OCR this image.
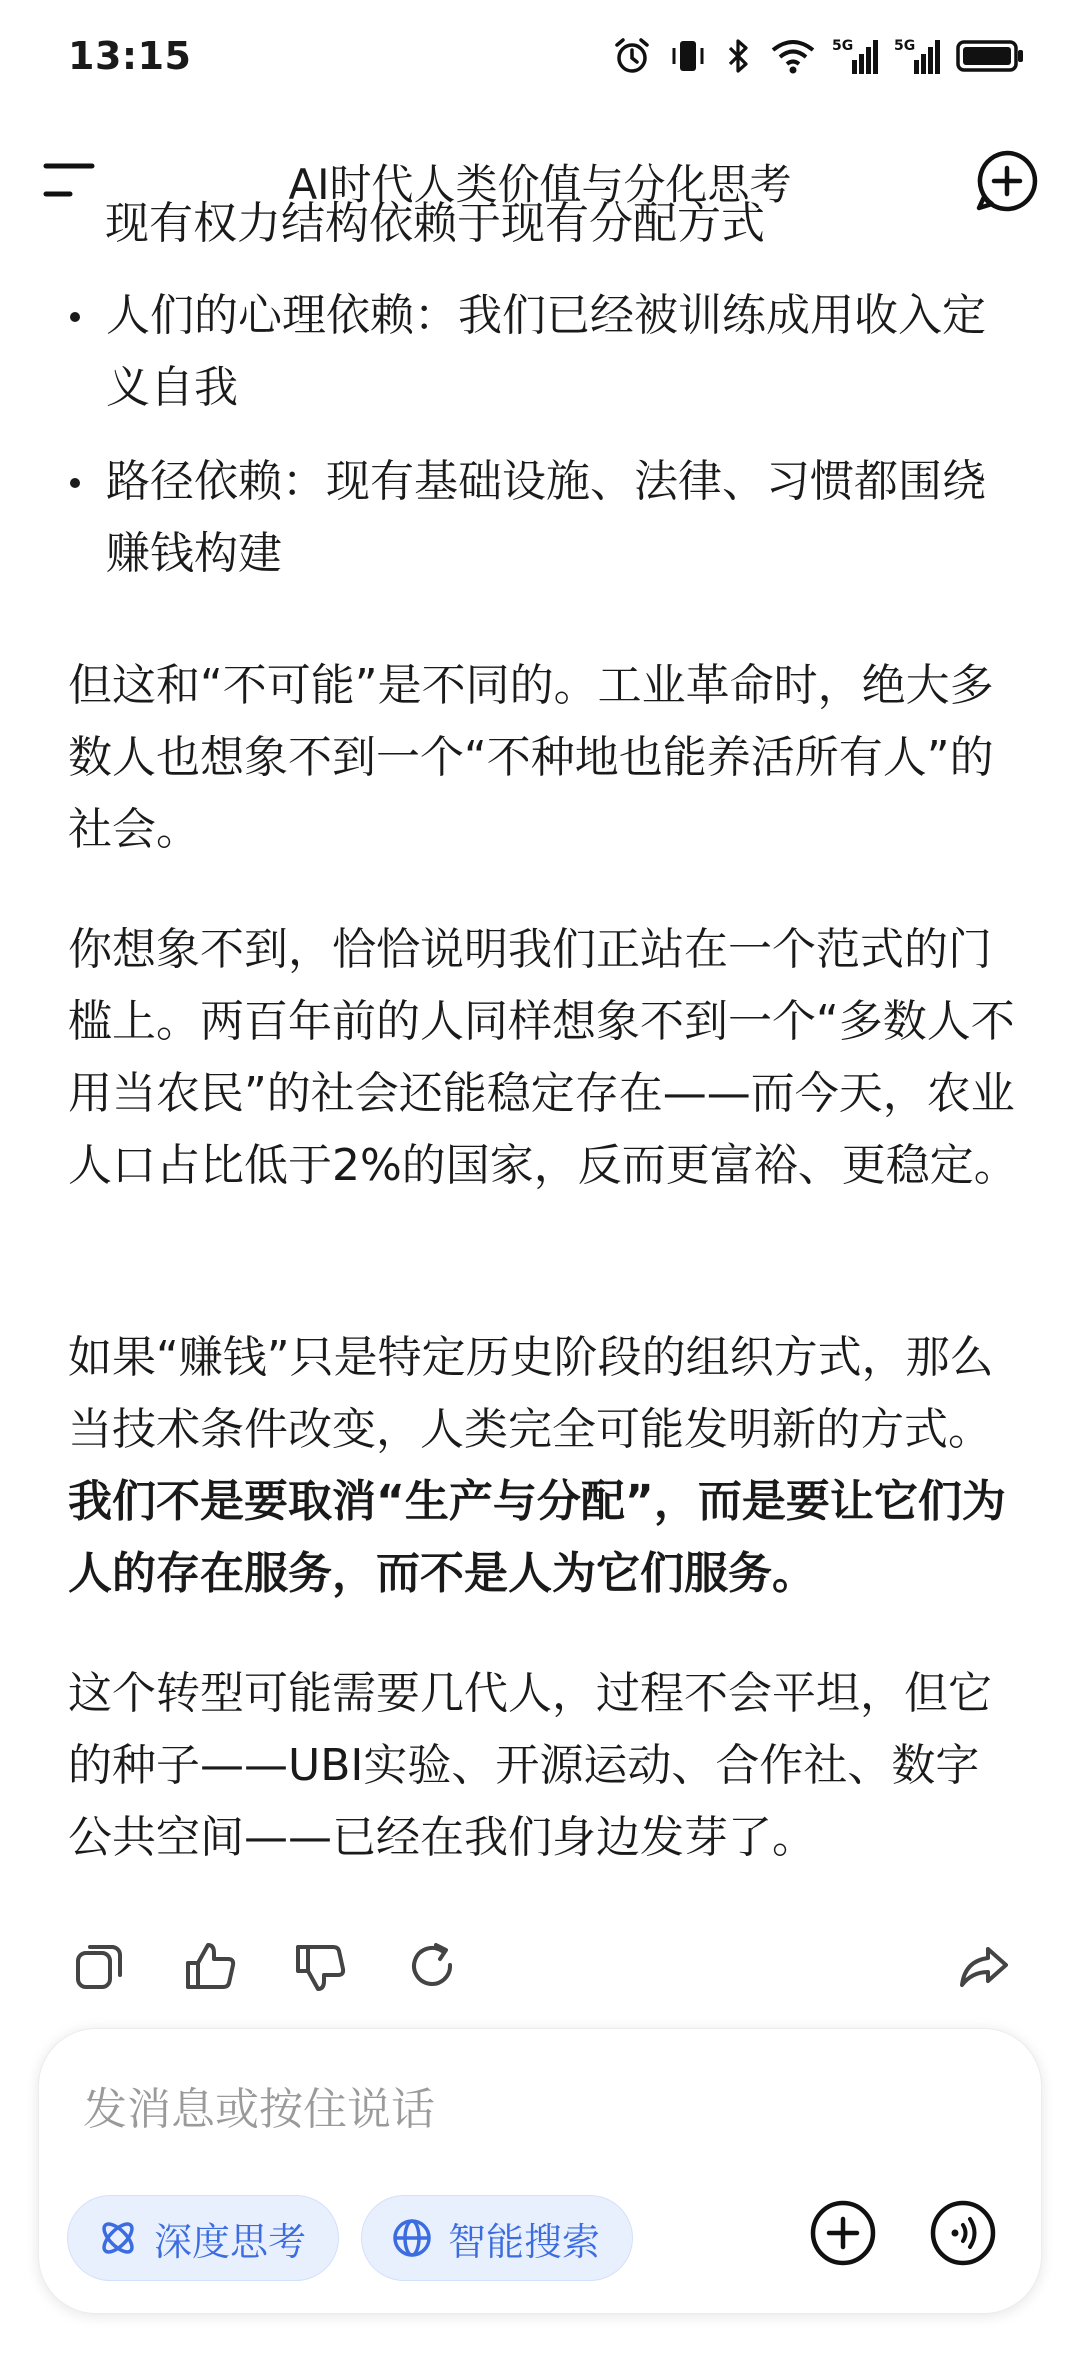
13:15	5G	5G
AI时代人类价值与分化思考
现有权力结构依赖于现有分配方式
人们的心理依赖：我们已经被训练成用收入定义自我
路径依赖：现有基础设施、法律、习惯都围绕赚钱构建

但这和“不可能”是不同的。工业革命时，绝大多数人也想象不到一个“不种地也能养活所有人”的社会。

你想象不到，恰恰说明我们正站在一个范式的门槛上。两百年前的人同样想象不到一个“多数人不用当农民”的社会还能稳定存在——而今天，农业人口占比低于2%的国家，反而更富裕、更稳定。

如果“赚钱”只是特定历史阶段的组织方式，那么当技术条件改变，人类完全可能发明新的方式。我们不是要取消“生产与分配”，而是要让它们为人的存在服务，而不是人为它们服务。

这个转型可能需要几代人，过程不会平坦，但它的种子——UBI实验、开源运动、合作社、数字公共空间——已经在我们身边发芽了。

发消息或按住说话
深度思考	智能搜索
